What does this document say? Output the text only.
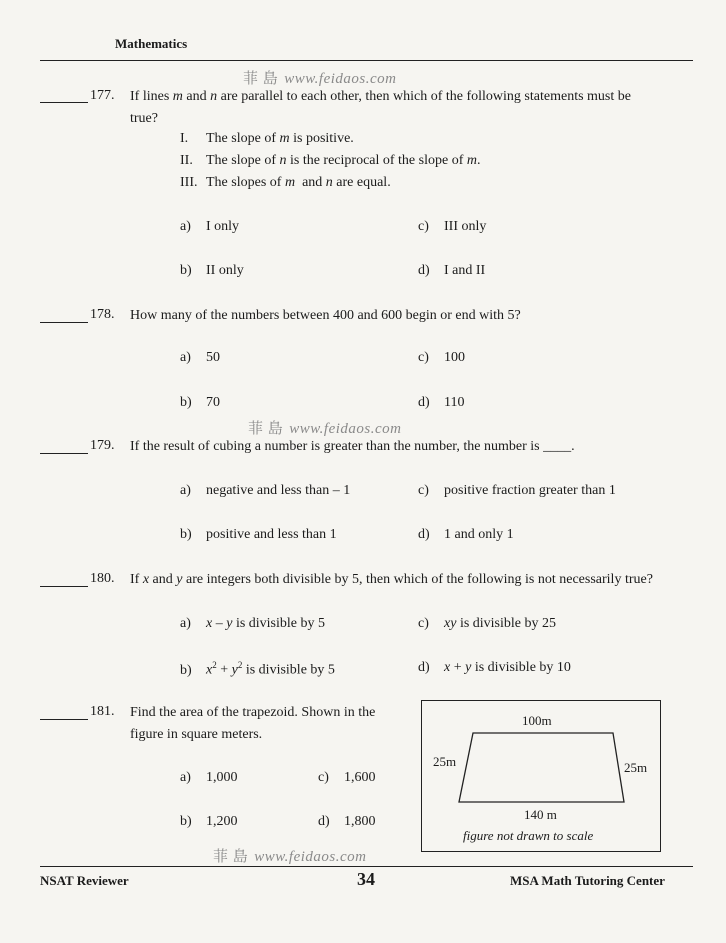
Mathematics
菲 島 www.feidaos.com
177. If lines m and n are parallel to each other, then which of the following statements must be
true?
I. The slope of m is positive.
II. The slope of n is the reciprocal of the slope of m.
III. The slopes of m  and n are equal.
a) I only	c) III only
b) II only	d) I and II
178. How many of the numbers between 400 and 600 begin or end with 5?
a) 50	c) 100
b) 70	d) 110
菲 島 www.feidaos.com
179. If the result of cubing a number is greater than the number, the number is ____.
a) negative and less than – 1	c) positive fraction greater than 1
b) positive and less than 1	d) 1 and only 1
180. If x and y are integers both divisible by 5, then which of the following is not necessarily true?
a) x – y is divisible by 5	c) xy is divisible by 25
b) $x^2 + y^2$ is divisible by 5	d) x + y is divisible by 10
181. Find the area of the trapezoid. Shown in the
figure in square meters.
a) 1,000	c) 1,600
b) 1,200	d) 1,800
100m
25m	25m
140 m
figure not drawn to scale
菲 島 www.feidaos.com
NSAT Reviewer	34	MSA Math Tutoring Center
